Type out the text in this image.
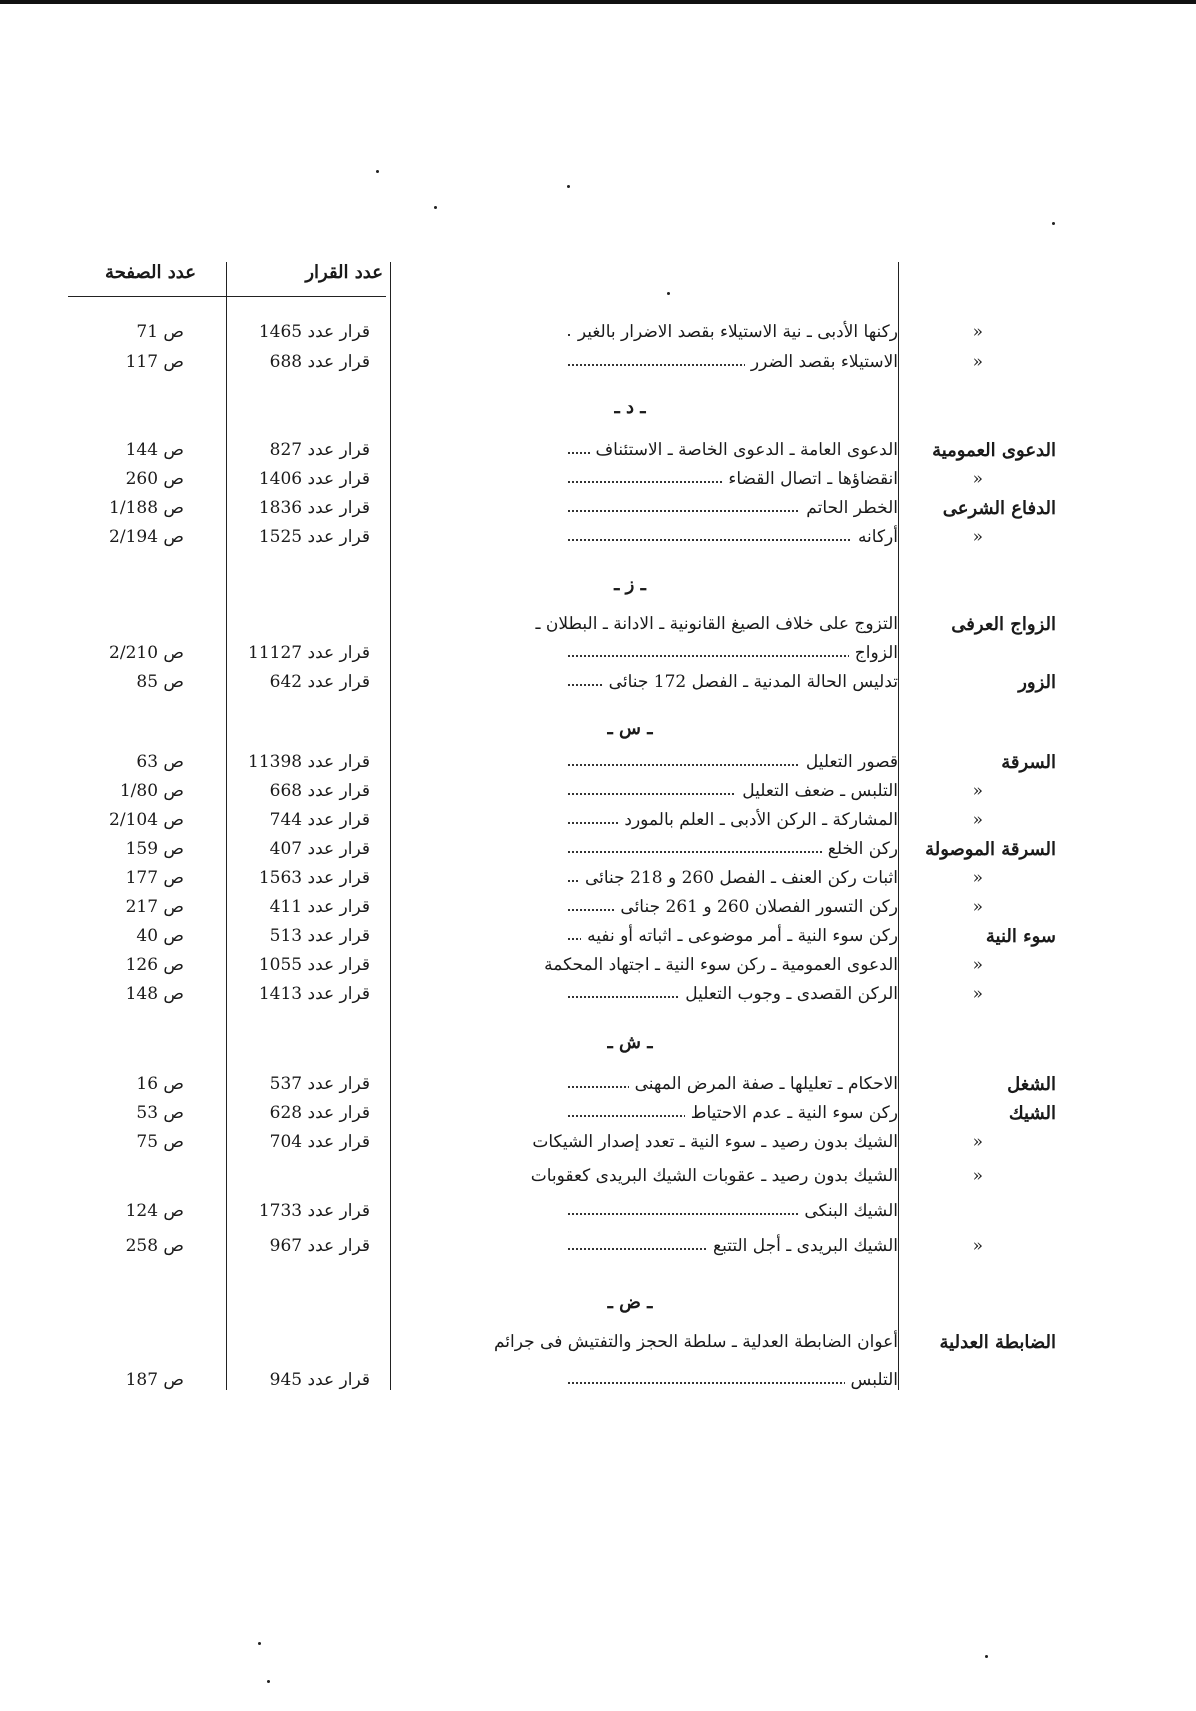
عدد الصفحة	عدد القرار
«
ركنها الأدبى ـ نية الاستيلاء بقصد الاضرار بالغير
قرار عدد 1465
ص 71
«
الاستيلاء بقصد الضرر
قرار عدد 688
ص 117
ـ د ـ
الدعوى العمومية
الدعوى العامة ـ الدعوى الخاصة ـ الاستئناف
قرار عدد 827
ص 144
«
انقضاؤها ـ اتصال القضاء
قرار عدد 1406
ص 260
الدفاع الشرعى
الخطر الحاتم
قرار عدد 1836
ص 1/188
«
أركانه
قرار عدد 1525
ص 2/194
ـ ز ـ
الزواج العرفى
التزوج على خلاف الصيغ القانونية ـ الادانة ـ البطلان ـ
الزواج
قرار عدد 11127
ص 2/210
الزور
تدليس الحالة المدنية ـ الفصل 172 جنائى
قرار عدد 642
ص 85
ـ س ـ
السرقة
قصور التعليل
قرار عدد 11398
ص 63
«
التلبس ـ ضعف التعليل
قرار عدد 668
ص 1/80
«
المشاركة ـ الركن الأدبى ـ العلم بالمورد
قرار عدد 744
ص 2/104
السرقة الموصولة
ركن الخلع
قرار عدد 407
ص 159
«
اثبات ركن العنف ـ الفصل 260 و 218 جنائى
قرار عدد 1563
ص 177
«
ركن التسور الفصلان 260 و 261 جنائى
قرار عدد 411
ص 217
سوء النية
ركن سوء النية ـ أمر موضوعى ـ اثباته أو نفيه
قرار عدد 513
ص 40
«
الدعوى العمومية ـ ركن سوء النية ـ اجتهاد المحكمة
قرار عدد 1055
ص 126
«
الركن القصدى ـ وجوب التعليل
قرار عدد 1413
ص 148
ـ ش ـ
الشغل
الاحكام ـ تعليلها ـ صفة المرض المهنى
قرار عدد 537
ص 16
الشيك
ركن سوء النية ـ عدم الاحتياط
قرار عدد 628
ص 53
«
الشيك بدون رصيد ـ سوء النية ـ تعدد إصدار الشيكات
قرار عدد 704
ص 75
«
الشيك بدون رصيد ـ عقوبات الشيك البريدى كعقوبات
الشيك البنكى
قرار عدد 1733
ص 124
«
الشيك البريدى ـ أجل التتبع
قرار عدد 967
ص 258
ـ ض ـ
الضابطة العدلية
أعوان الضابطة العدلية ـ سلطة الحجز والتفتيش فى جرائم
التلبس
قرار عدد 945
ص 187
